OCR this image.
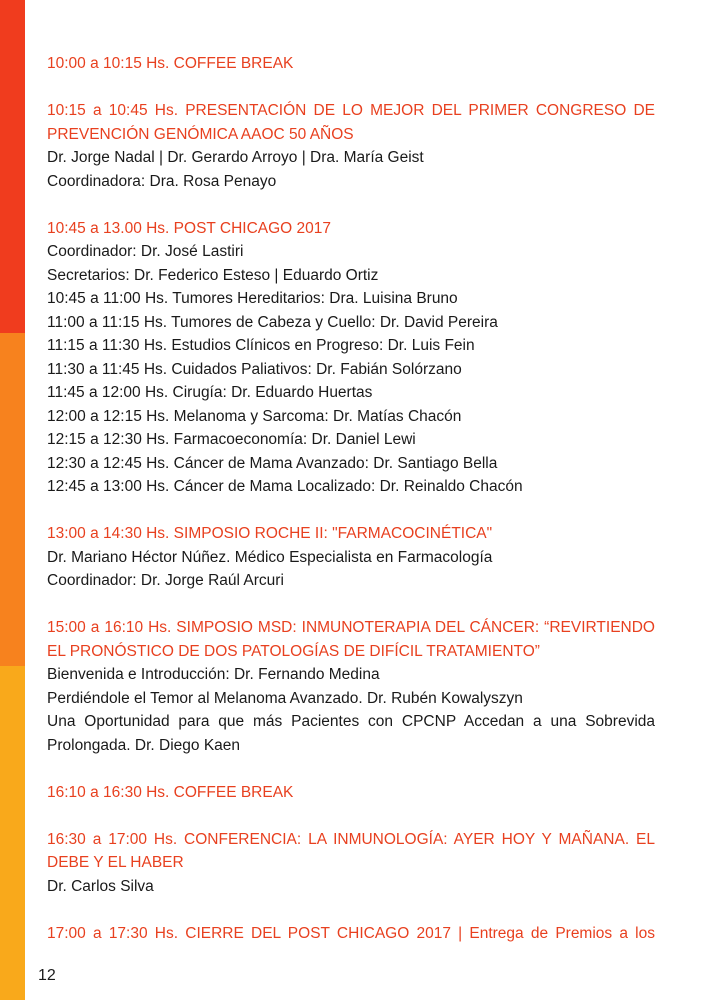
10:00 a 10:15 Hs. COFFEE BREAK
10:15 a 10:45 Hs. PRESENTACIÓN DE LO MEJOR DEL PRIMER CONGRESO DE
PREVENCIÓN GENÓMICA AAOC 50 AÑOS
Dr. Jorge Nadal | Dr. Gerardo Arroyo | Dra. María Geist
Coordinadora: Dra. Rosa Penayo
10:45 a 13.00 Hs. POST CHICAGO 2017
Coordinador: Dr. José Lastiri
Secretarios: Dr. Federico Esteso | Eduardo Ortiz
10:45 a 11:00 Hs. Tumores Hereditarios: Dra. Luisina Bruno
11:00 a 11:15 Hs. Tumores de Cabeza y Cuello: Dr. David Pereira
11:15 a 11:30 Hs. Estudios Clínicos en Progreso: Dr. Luis Fein
11:30 a 11:45 Hs. Cuidados Paliativos: Dr. Fabián Solórzano
11:45 a 12:00 Hs. Cirugía: Dr. Eduardo Huertas
12:00 a 12:15 Hs. Melanoma y Sarcoma: Dr. Matías Chacón
12:15 a 12:30 Hs. Farmacoeconomía: Dr. Daniel Lewi
12:30 a 12:45 Hs. Cáncer de Mama Avanzado: Dr. Santiago Bella
12:45 a 13:00 Hs. Cáncer de Mama Localizado: Dr. Reinaldo Chacón
13:00 a 14:30 Hs. SIMPOSIO ROCHE II: "FARMACOCINÉTICA"
Dr. Mariano Héctor Núñez. Médico Especialista en Farmacología
Coordinador: Dr. Jorge Raúl Arcuri
15:00 a 16:10 Hs. SIMPOSIO MSD: INMUNOTERAPIA DEL CÁNCER: “REVIRTIENDO
EL PRONÓSTICO DE DOS PATOLOGÍAS DE DIFÍCIL TRATAMIENTO”
Bienvenida e Introducción: Dr. Fernando Medina
Perdiéndole el Temor al Melanoma Avanzado. Dr. Rubén Kowalyszyn
Una Oportunidad para que más Pacientes con CPCNP Accedan a una Sobrevida
Prolongada. Dr. Diego Kaen
16:10 a 16:30 Hs. COFFEE BREAK
16:30 a 17:00 Hs. CONFERENCIA: LA INMUNOLOGÍA: AYER HOY Y MAÑANA. EL
DEBE Y EL HABER
Dr. Carlos Silva
17:00 a 17:30 Hs. CIERRE DEL POST CHICAGO 2017 | Entrega de Premios a los
12
